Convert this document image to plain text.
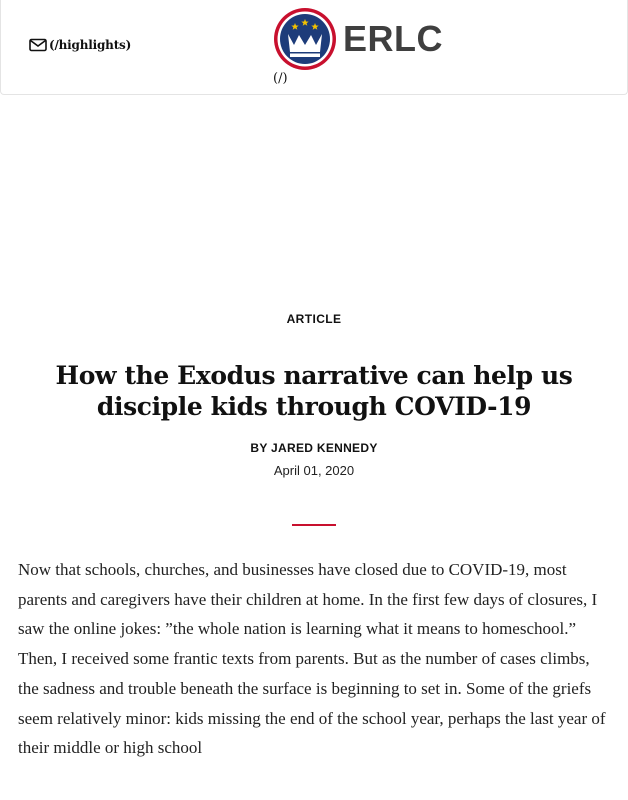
(/highlights)	ERLC
(/)
ARTICLE
How the Exodus narrative can help us disciple kids through COVID-19
BY JARED KENNEDY
April 01, 2020

Now that schools, churches, and businesses have closed due to COVID-19, most parents and caregivers have their children at home. In the first few days of closures, I saw the online jokes: ”the whole nation is learning what it means to homeschool.” Then, I received some frantic texts from parents. But as the number of cases climbs, the sadness and trouble beneath the surface is beginning to set in. Some of the griefs seem relatively minor: kids missing the end of the school year, perhaps the last year of their middle or high school
